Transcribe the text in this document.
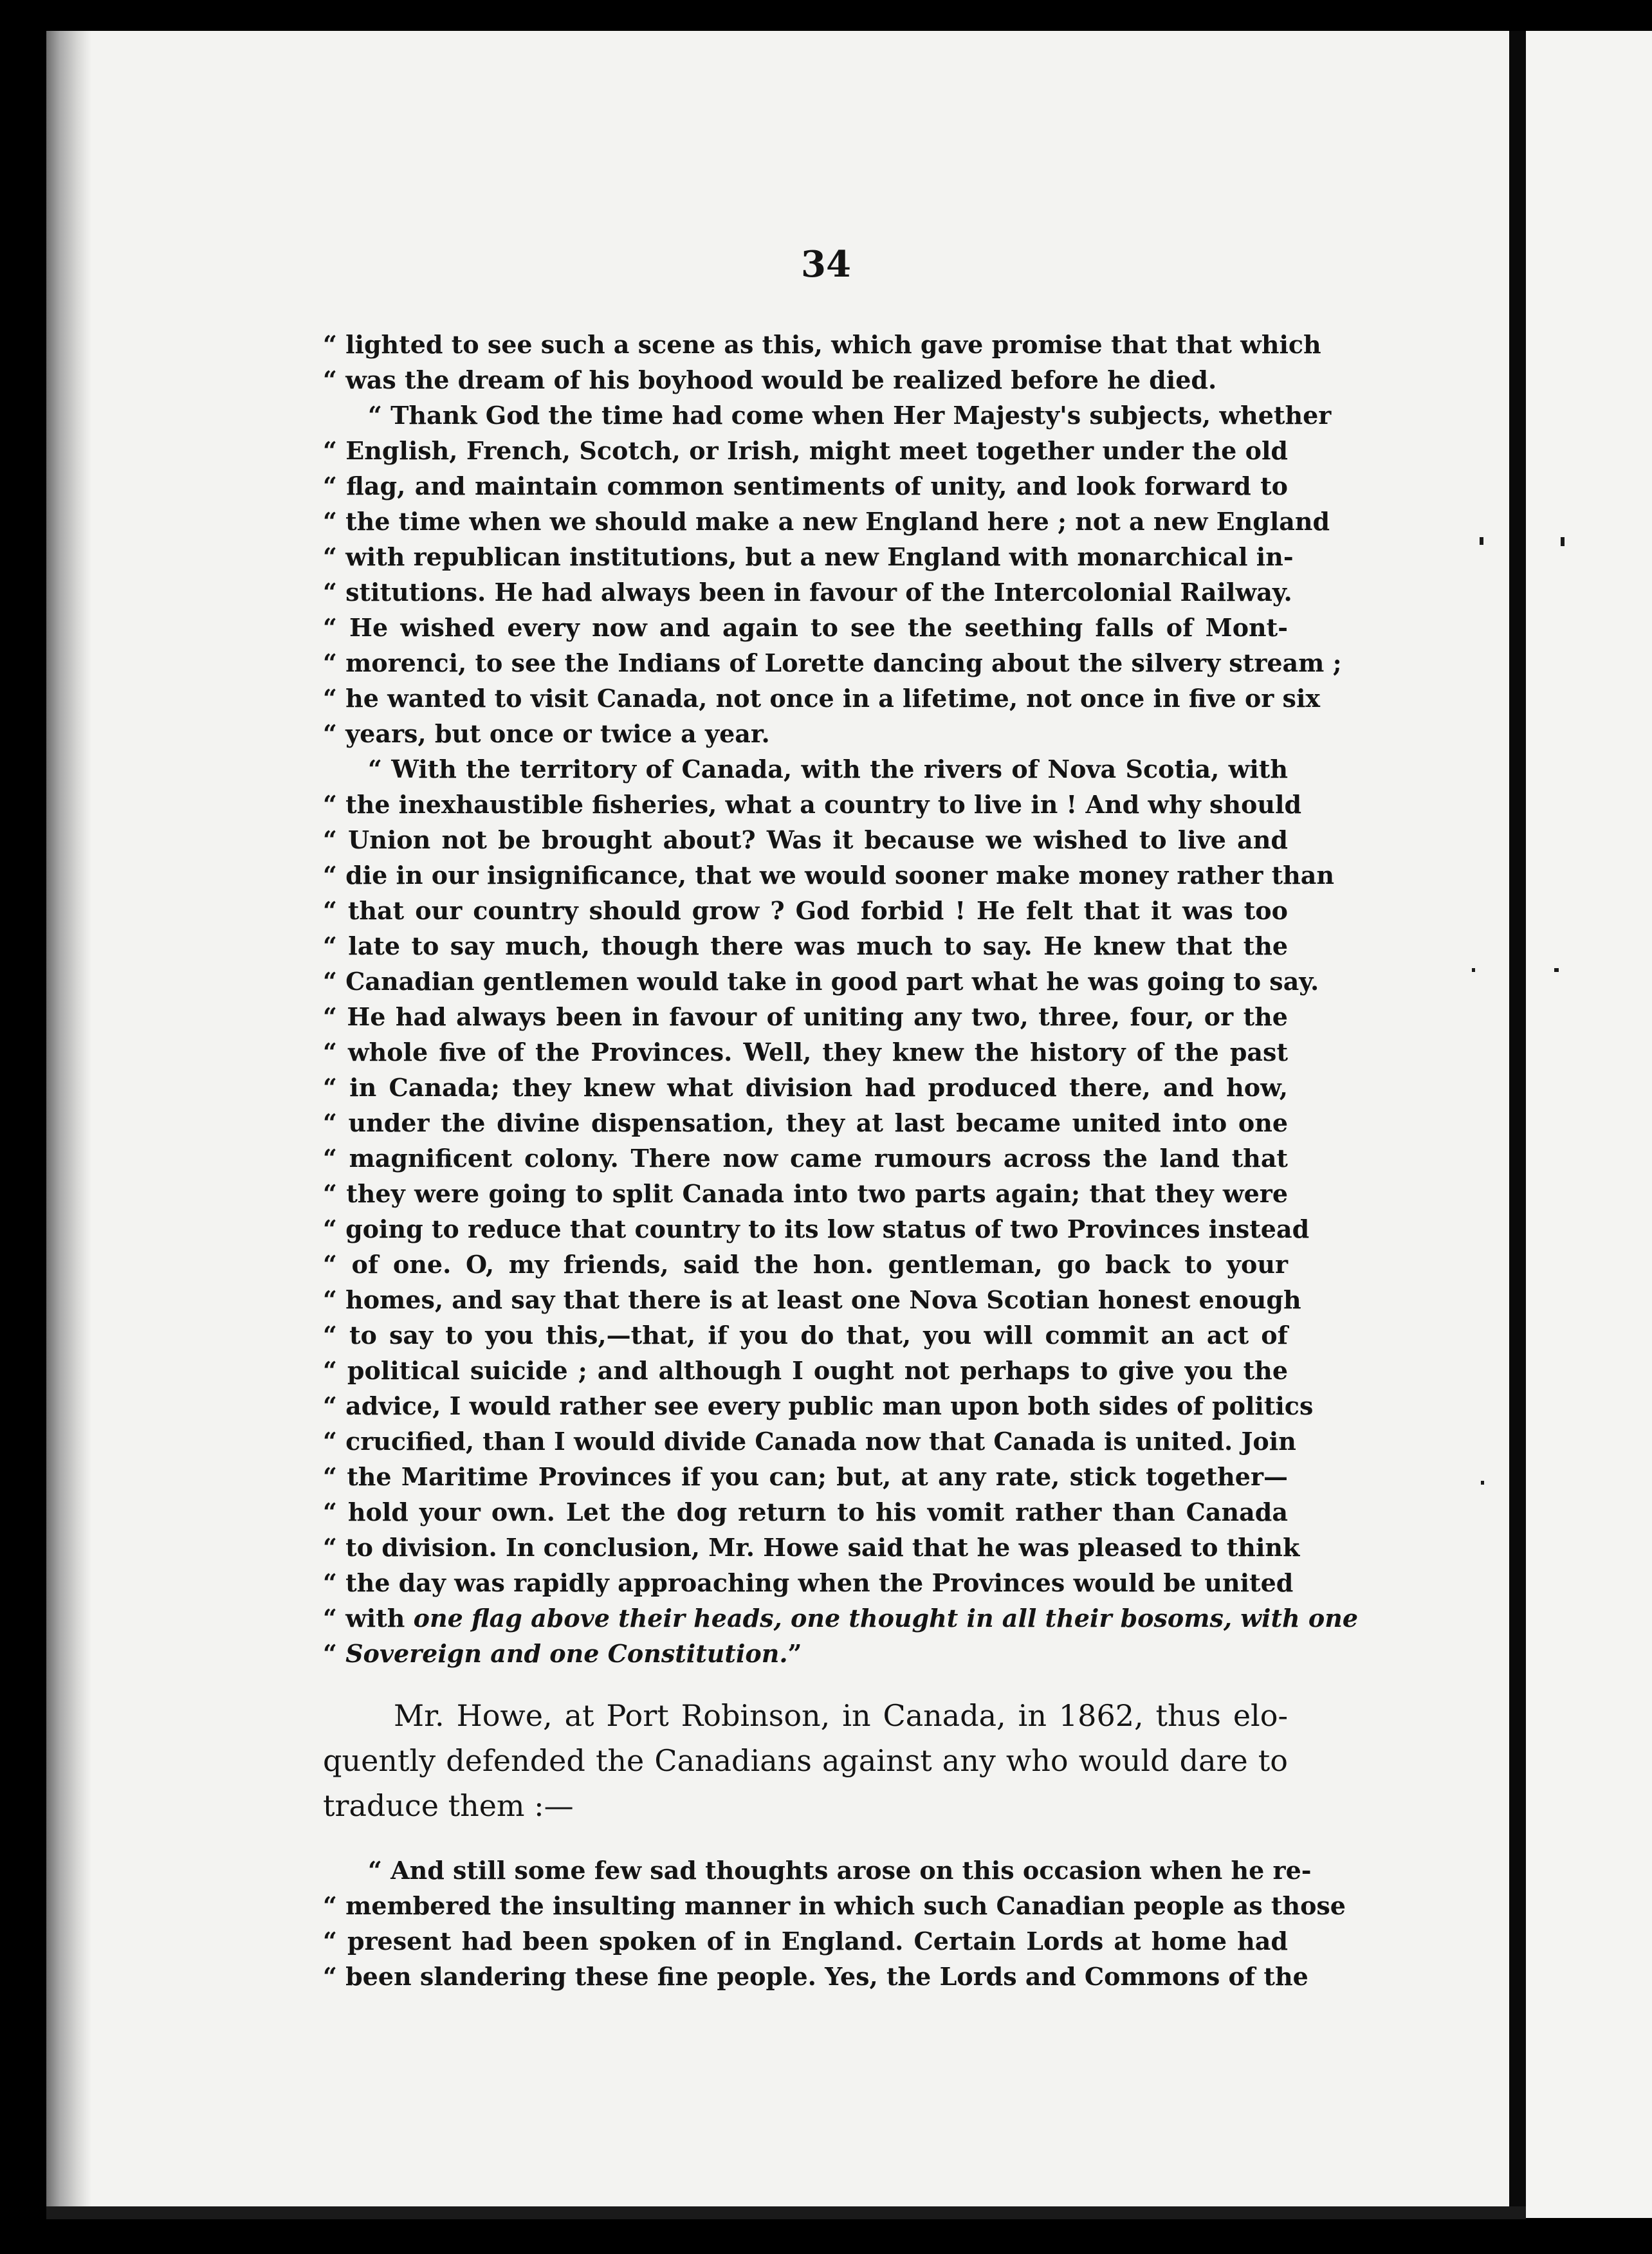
34
“ lighted to see such a scene as this, which gave promise that that which
“ was the dream of his boyhood would be realized before he died.
“ Thank God the time had come when Her Majesty's subjects, whether
“ English, French, Scotch, or Irish, might meet together under the old
“ flag, and maintain common sentiments of unity, and look forward to
“ the time when we should make a new England here ; not a new England
“ with republican institutions, but a new England with monarchical in-
“ stitutions. He had always been in favour of the Intercolonial Railway.
“ He wished every now and again to see the seething falls of Mont-
“ morenci, to see the Indians of Lorette dancing about the silvery stream ;
“ he wanted to visit Canada, not once in a lifetime, not once in five or six
“ years, but once or twice a year.
“ With the territory of Canada, with the rivers of Nova Scotia, with
“ the inexhaustible fisheries, what a country to live in ! And why should
“ Union not be brought about? Was it because we wished to live and
“ die in our insignificance, that we would sooner make money rather than
“ that our country should grow ? God forbid ! He felt that it was too
“ late to say much, though there was much to say. He knew that the
“ Canadian gentlemen would take in good part what he was going to say.
“ He had always been in favour of uniting any two, three, four, or the
“ whole five of the Provinces. Well, they knew the history of the past
“ in Canada; they knew what division had produced there, and how,
“ under the divine dispensation, they at last became united into one
“ magnificent colony. There now came rumours across the land that
“ they were going to split Canada into two parts again; that they were
“ going to reduce that country to its low status of two Provinces instead
“ of one. O, my friends, said the hon. gentleman, go back to your
“ homes, and say that there is at least one Nova Scotian honest enough
“ to say to you this,—that, if you do that, you will commit an act of
“ political suicide ; and although I ought not perhaps to give you the
“ advice, I would rather see every public man upon both sides of politics
“ crucified, than I would divide Canada now that Canada is united. Join
“ the Maritime Provinces if you can; but, at any rate, stick together—
“ hold your own. Let the dog return to his vomit rather than Canada
“ to division. In conclusion, Mr. Howe said that he was pleased to think
“ the day was rapidly approaching when the Provinces would be united
“ with one flag above their heads, one thought in all their bosoms, with one
“ Sovereign and one Constitution.”
Mr. Howe, at Port Robinson, in Canada, in 1862, thus elo-
quently defended the Canadians against any who would dare to
traduce them :—
“ And still some few sad thoughts arose on this occasion when he re-
“ membered the insulting manner in which such Canadian people as those
“ present had been spoken of in England. Certain Lords at home had
“ been slandering these fine people. Yes, the Lords and Commons of the
